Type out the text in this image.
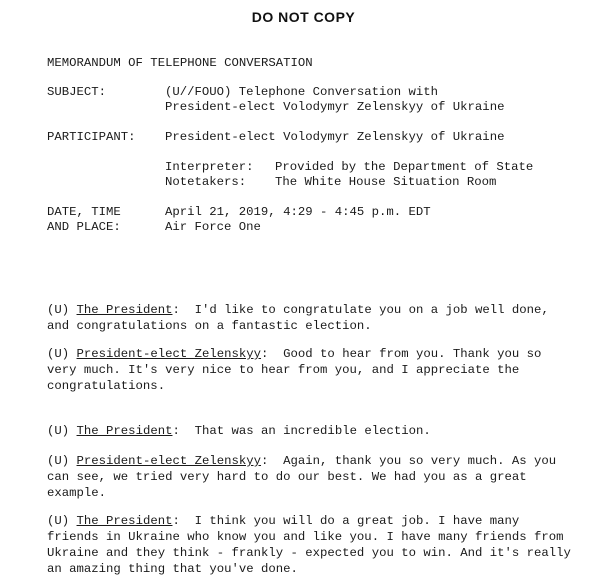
DO NOT COPY
MEMORANDUM OF TELEPHONE CONVERSATION
SUBJECT:	(U//FOUO) Telephone Conversation with
President-elect Volodymyr Zelenskyy of Ukraine
PARTICIPANT: President-elect Volodymyr Zelenskyy of Ukraine
Interpreter: Provided by the Department of State
Notetakers: The White House Situation Room
DATE, TIME
AND PLACE:
April 21, 2019, 4:29 - 4:45 p.m. EDT
Air Force One
(U) The President:  I'd like to congratulate you on a job well done, and congratulations on a fantastic election.
(U) President-elect Zelenskyy:  Good to hear from you. Thank you so very much. It's very nice to hear from you, and I appreciate the congratulations.
(U) The President:  That was an incredible election.
(U) President-elect Zelenskyy:  Again, thank you so very much. As you can see, we tried very hard to do our best. We had you as a great example.
(U) The President:  I think you will do a great job. I have many friends in Ukraine who know you and like you. I have many friends from Ukraine and they think - frankly - expected you to win. And it's really an amazing thing that you've done.
